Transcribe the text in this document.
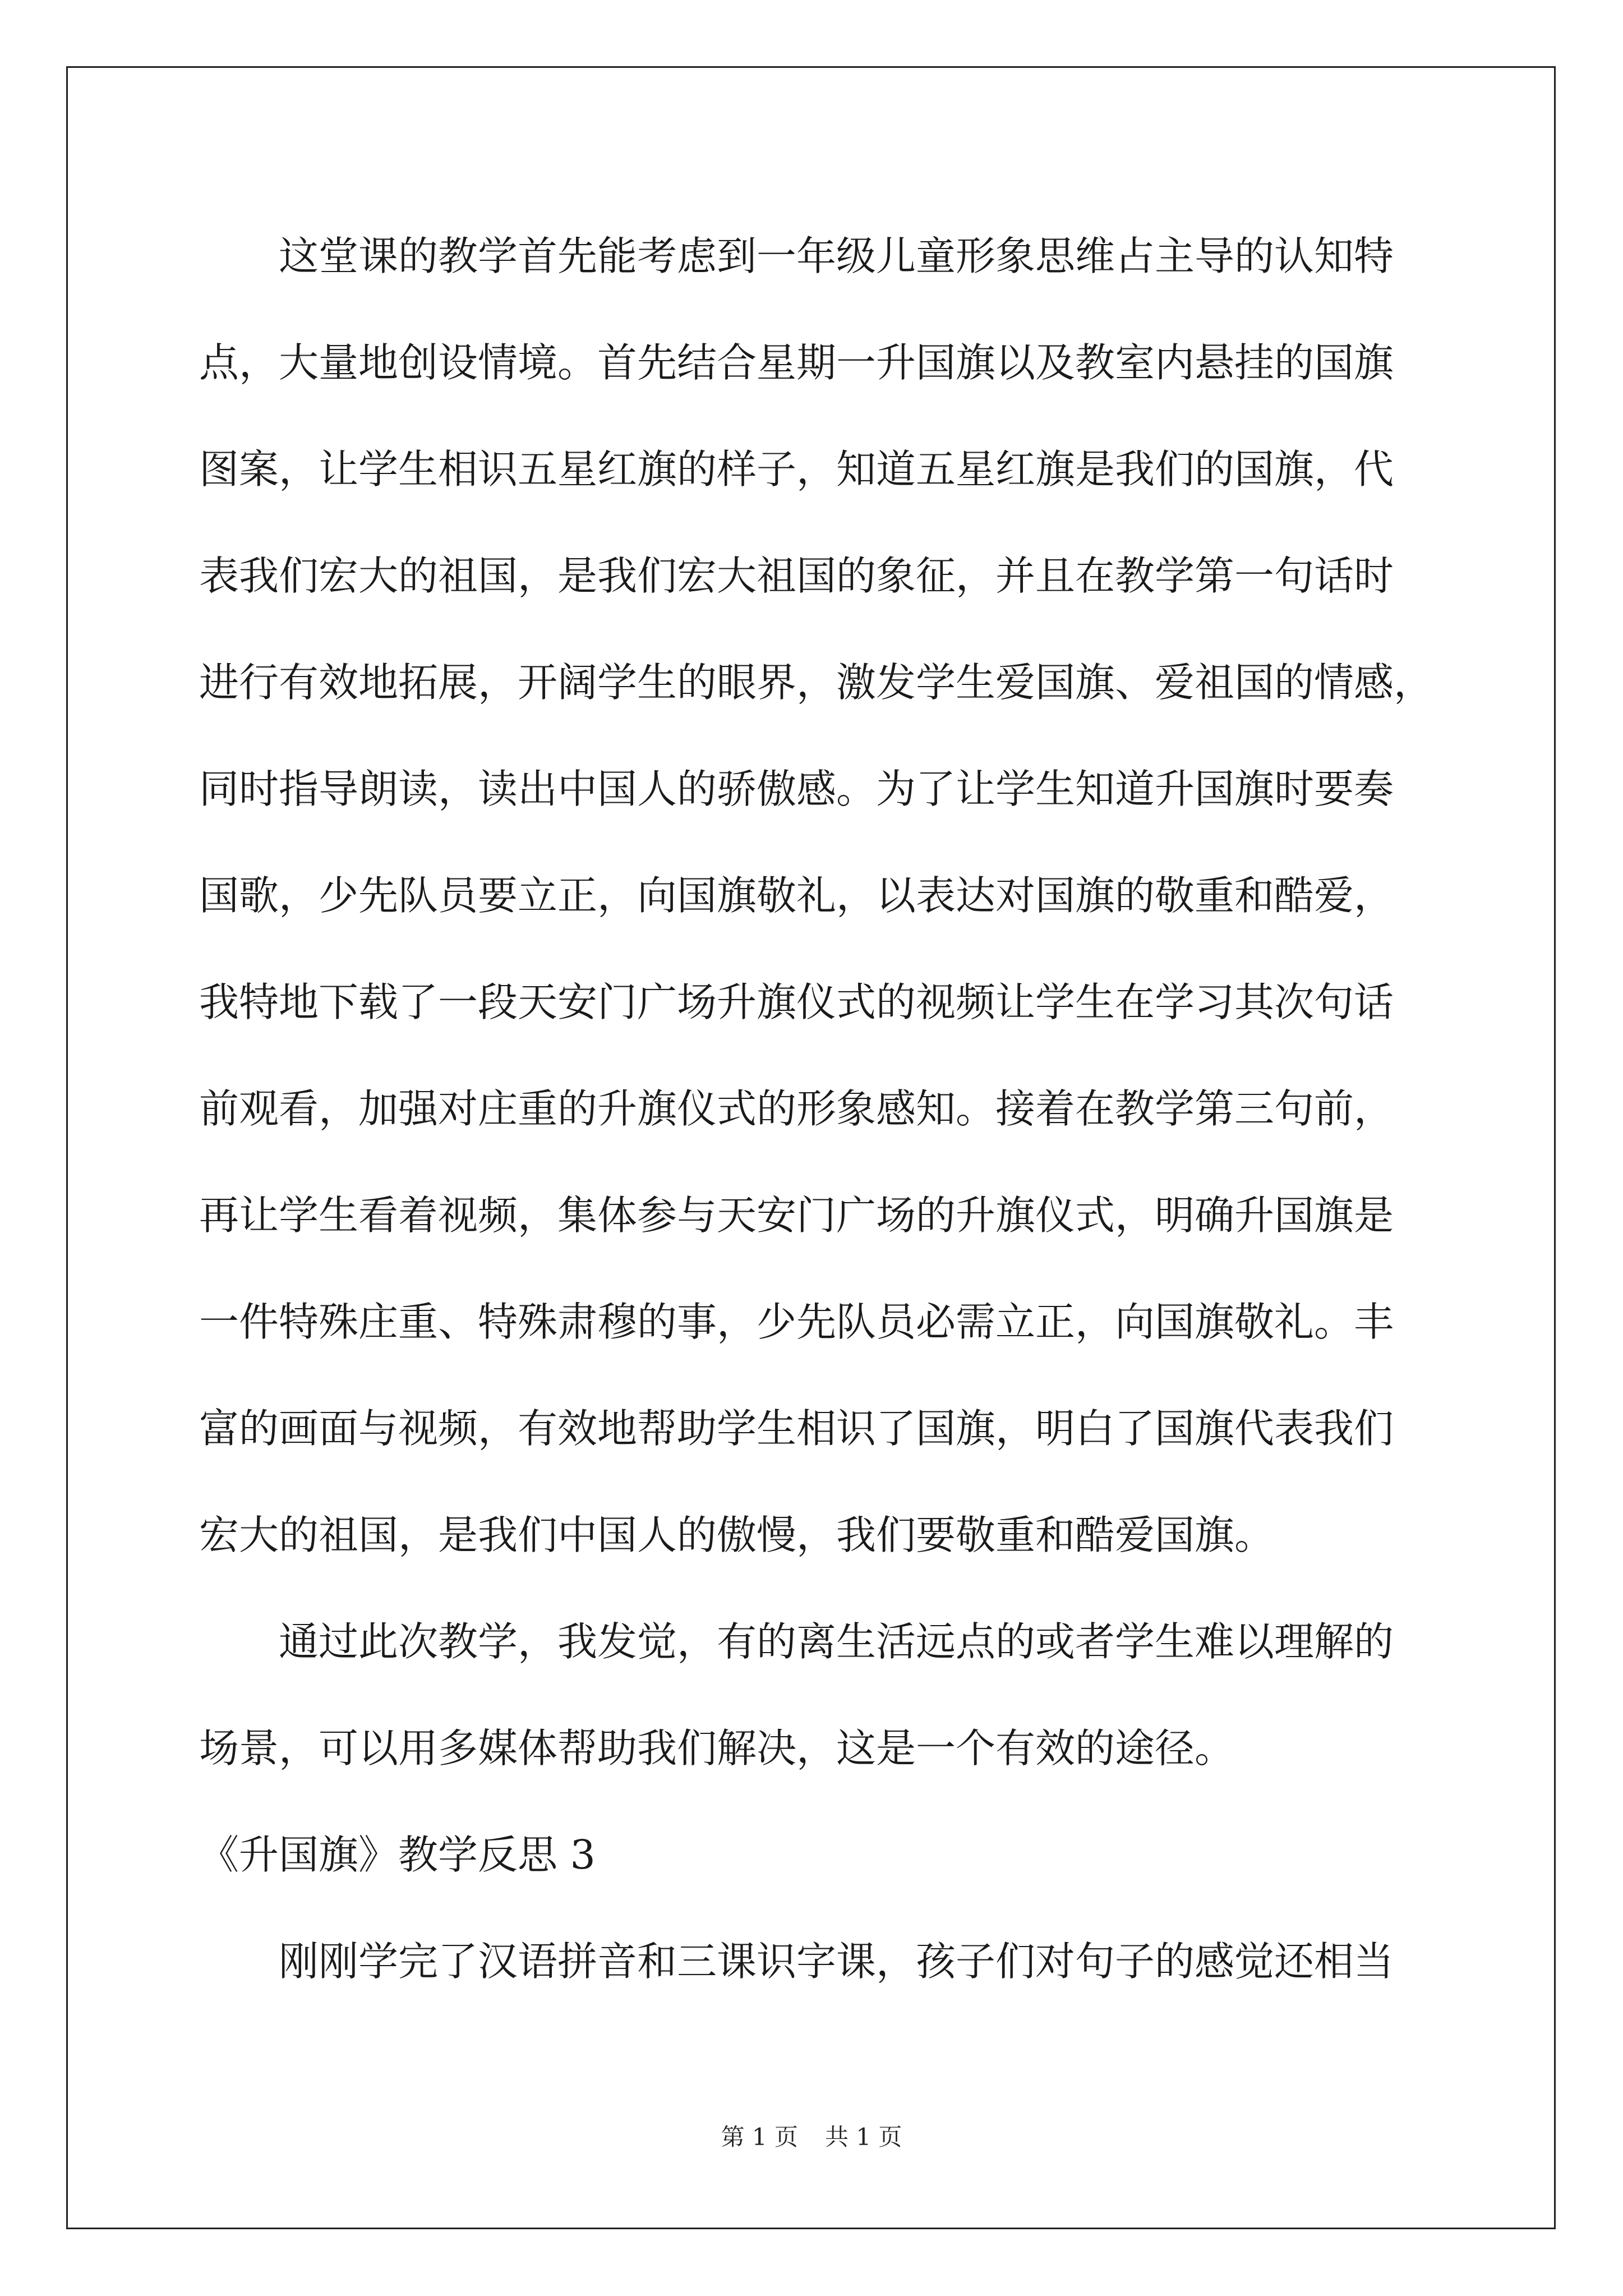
这堂课的教学首先能考虑到一年级儿童形象思维占主导的认知特
点，大量地创设情境。首先结合星期一升国旗以及教室内悬挂的国旗
图案，让学生相识五星红旗的样子，知道五星红旗是我们的国旗，代
表我们宏大的祖国，是我们宏大祖国的象征，并且在教学第一句话时
进行有效地拓展，开阔学生的眼界，激发学生爱国旗、爱祖国的情感，
同时指导朗读，读出中国人的骄傲感。为了让学生知道升国旗时要奏
国歌，少先队员要立正，向国旗敬礼，以表达对国旗的敬重和酷爱，
我特地下载了一段天安门广场升旗仪式的视频让学生在学习其次句话
前观看，加强对庄重的升旗仪式的形象感知。接着在教学第三句前，
再让学生看着视频，集体参与天安门广场的升旗仪式，明确升国旗是
一件特殊庄重、特殊肃穆的事，少先队员必需立正，向国旗敬礼。丰
富的画面与视频，有效地帮助学生相识了国旗，明白了国旗代表我们
宏大的祖国，是我们中国人的傲慢，我们要敬重和酷爱国旗。
通过此次教学，我发觉，有的离生活远点的或者学生难以理解的
场景，可以用多媒体帮助我们解决，这是一个有效的途径。
《升国旗》教学反思 3
刚刚学完了汉语拼音和三课识字课，孩子们对句子的感觉还相当
第 1 页 共 1 页
